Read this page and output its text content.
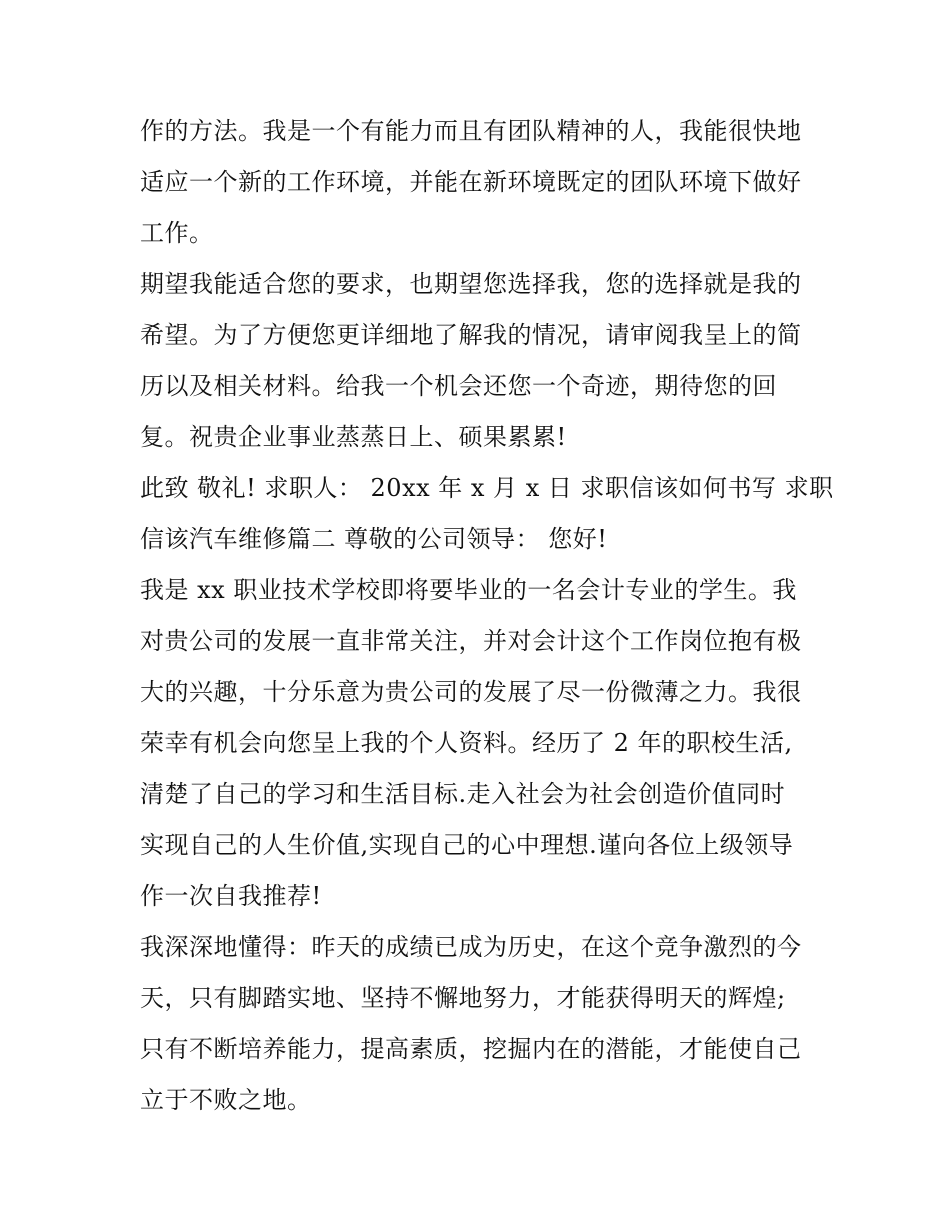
作的方法。我是一个有能力而且有团队精神的人，我能很快地
适应一个新的工作环境，并能在新环境既定的团队环境下做好
工作。
期望我能适合您的要求，也期望您选择我，您的选择就是我的
希望。为了方便您更详细地了解我的情况，请审阅我呈上的简
历以及相关材料。给我一个机会还您一个奇迹，期待您的回
复。祝贵企业事业蒸蒸日上、硕果累累!
此致 敬礼! 求职人： 20xx 年 x 月 x 日 求职信该如何书写 求职
信该汽车维修篇二 尊敬的公司领导： 您好!
我是 xx 职业技术学校即将要毕业的一名会计专业的学生。我
对贵公司的发展一直非常关注，并对会计这个工作岗位抱有极
大的兴趣，十分乐意为贵公司的发展了尽一份微薄之力。我很
荣幸有机会向您呈上我的个人资料。经历了 2 年的职校生活,
清楚了自己的学习和生活目标.走入社会为社会创造价值同时
实现自己的人生价值,实现自己的心中理想.谨向各位上级领导
作一次自我推荐!
我深深地懂得：昨天的成绩已成为历史，在这个竞争激烈的今
天，只有脚踏实地、坚持不懈地努力，才能获得明天的辉煌;
只有不断培养能力，提高素质，挖掘内在的潜能，才能使自己
立于不败之地。
